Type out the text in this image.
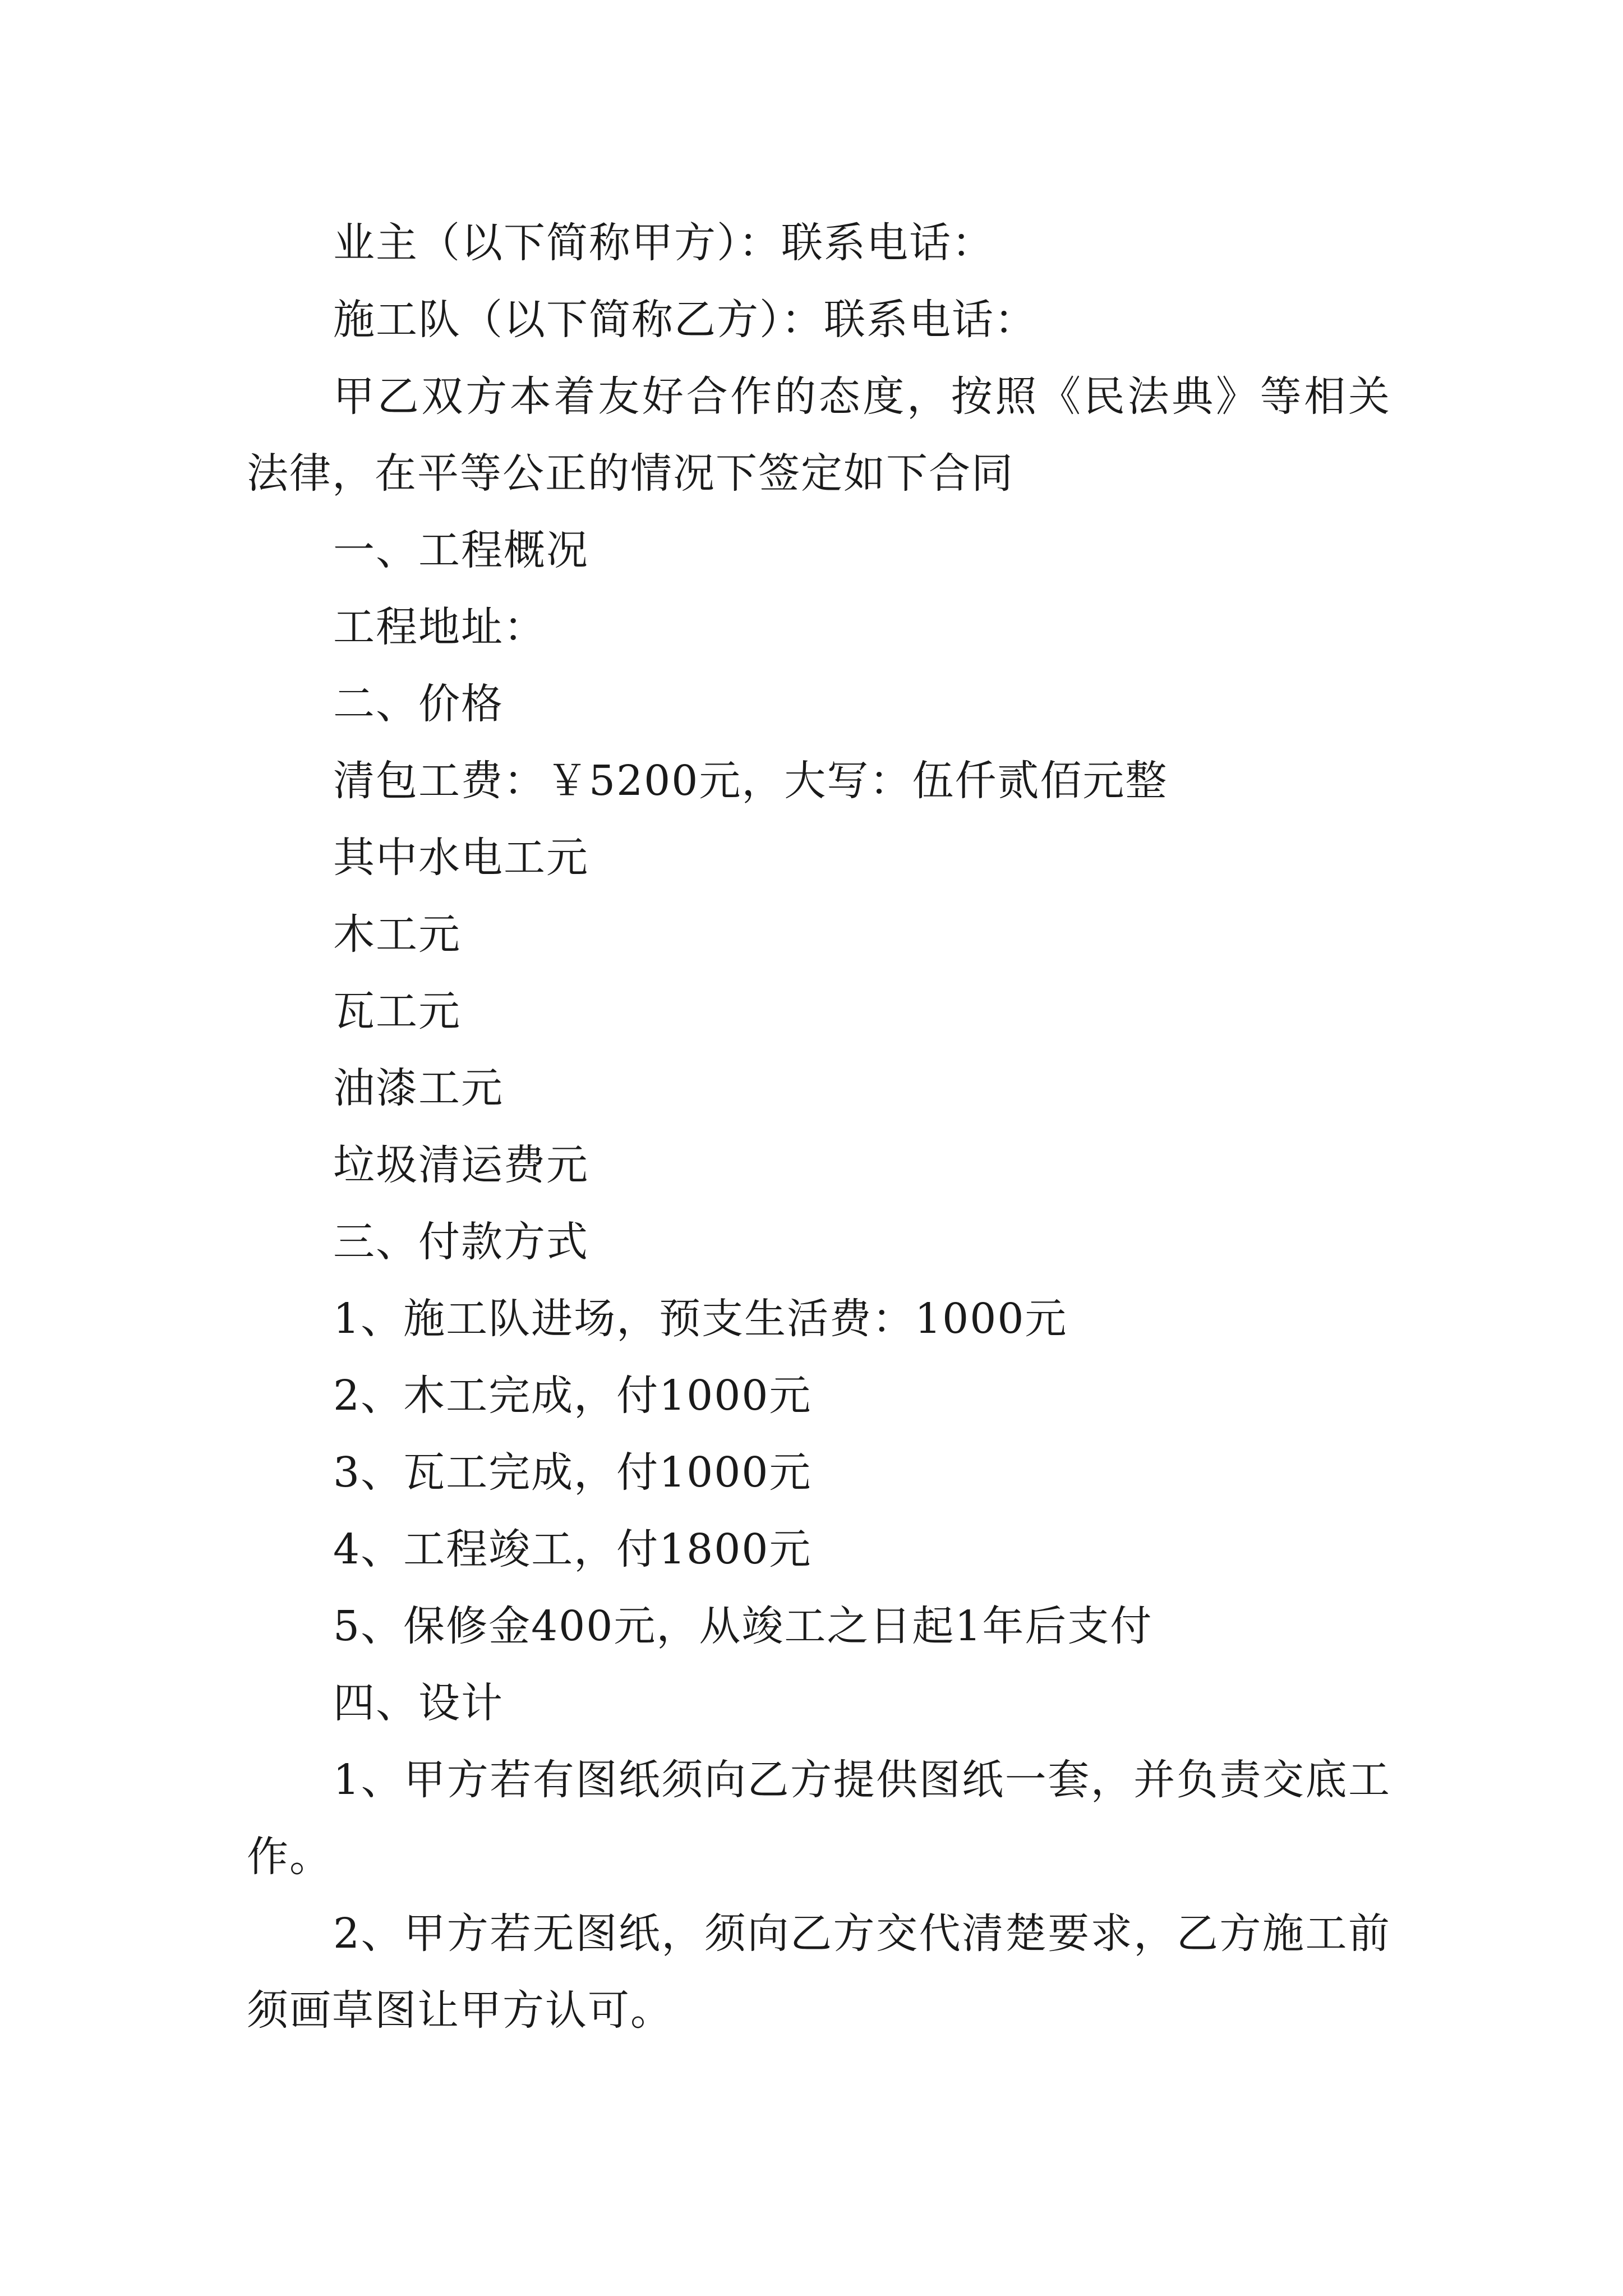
业主（以下简称甲方）：联系电话：

施工队（以下简称乙方）：联系电话：

甲乙双方本着友好合作的态度，按照《民法典》等相关法律，在平等公正的情况下签定如下合同

一、工程概况

工程地址：

二、价格

清包工费：￥5200元，大写：伍仟贰佰元整

其中水电工元

木工元

瓦工元

油漆工元

垃圾清运费元

三、付款方式

1、施工队进场，预支生活费：1000元

2、木工完成，付1000元

3、瓦工完成，付1000元

4、工程竣工，付1800元

5、保修金400元，从竣工之日起1年后支付

四、设计

1、甲方若有图纸须向乙方提供图纸一套，并负责交底工作。

2、甲方若无图纸，须向乙方交代清楚要求，乙方施工前须画草图让甲方认可。
